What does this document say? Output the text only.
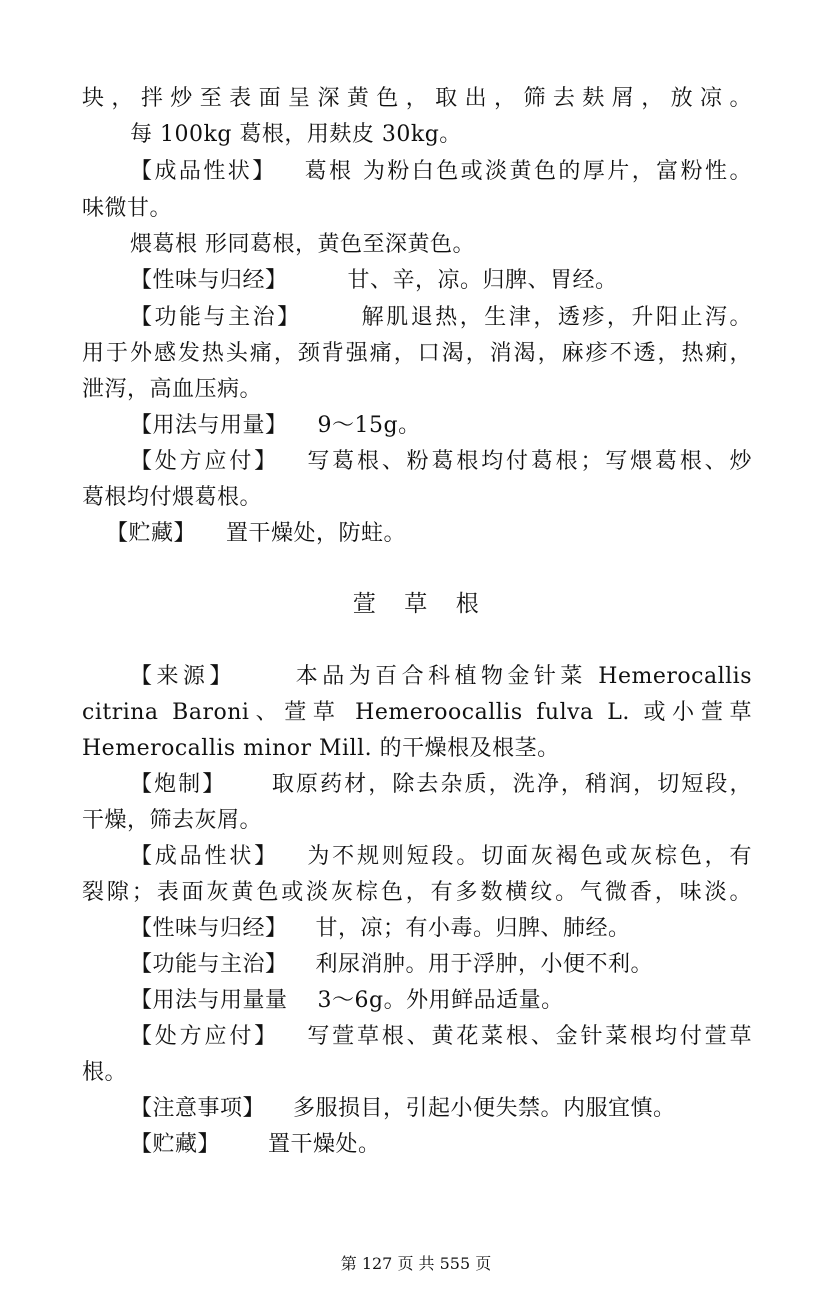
块，拌炒至表面呈深黄色，取出，筛去麸屑，放凉。
每 100kg 葛根，用麸皮 30kg。
【成品性状】 葛根 为粉白色或淡黄色的厚片，富粉性。
味微甘。
煨葛根 形同葛根，黄色至深黄色。
【性味与归经】	甘、辛，凉。归脾、胃经。
【功能与主治】	解肌退热，生津，透疹，升阳止泻。
用于外感发热头痛，颈背强痛，口渴，消渴，麻疹不透，热痢，
泄泻，高血压病。
【用法与用量】 9～15g。
【处方应付】 写葛根、粉葛根均付葛根；写煨葛根、炒
葛根均付煨葛根。
【贮藏】 置干燥处，防蛀。
萱 草 根
【来源】	本品为百合科植物金针菜 Hemerocallis
citrina Baroni、萱草 Hemeroocallis fulva L. 或小萱草
Hemerocallis minor Mill. 的干燥根及根茎。
【炮制】 取原药材，除去杂质，洗净，稍润，切短段，
干燥，筛去灰屑。
【成品性状】 为不规则短段。切面灰褐色或灰棕色，有
裂隙；表面灰黄色或淡灰棕色，有多数横纹。气微香，味淡。
【性味与归经】 甘，凉；有小毒。归脾、肺经。
【功能与主治】 利尿消肿。用于浮肿，小便不利。
【用法与用量量 3～6g。外用鲜品适量。
【处方应付】 写萱草根、黄花菜根、金针菜根均付萱草
根。
【注意事项】 多服损目，引起小便失禁。内服宜慎。
【贮藏】 置干燥处。
第 127 页 共 555 页
